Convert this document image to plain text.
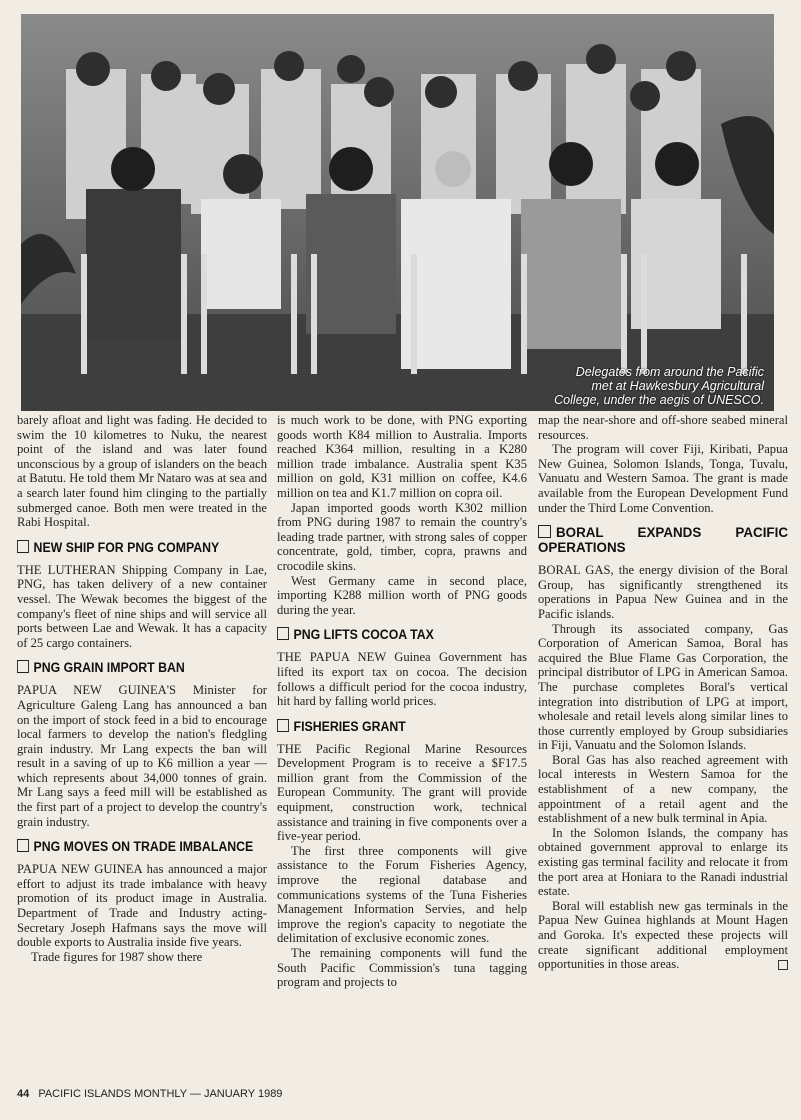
Delegates from around the Pacific
met at Hawkesbury Agricultural
College, under the aegis of UNESCO.

barely afloat and light was fading. He decided to swim the 10 kilometres to Nuku, the nearest point of the island and was later found unconscious by a group of islanders on the beach at Batutu. He told them Mr Nataro was at sea and a search later found him clinging to the partially submerged canoe. Both men were treated in the Rabi Hospital.

NEW SHIP FOR PNG COMPANY

THE LUTHERAN Shipping Company in Lae, PNG, has taken delivery of a new container vessel. The Wewak becomes the biggest of the company's fleet of nine ships and will service all ports between Lae and Wewak. It has a capacity of 25 cargo containers.

PNG GRAIN IMPORT BAN

PAPUA NEW GUINEA'S Minister for Agriculture Galeng Lang has announced a ban on the import of stock feed in a bid to encourage local farmers to develop the nation's fledgling grain industry. Mr Lang expects the ban will result in a saving of up to K6 million a year — which represents about 34,000 tonnes of grain. Mr Lang says a feed mill will be established as the first part of a project to develop the country's grain industry.

PNG MOVES ON TRADE IMBALANCE

PAPUA NEW GUINEA has announced a major effort to adjust its trade imbalance with heavy promotion of its product image in Australia. Department of Trade and Industry acting-Secretary Joseph Hafmans says the move will double exports to Australia inside five years.

Trade figures for 1987 show there

is much work to be done, with PNG exporting goods worth K84 million to Australia. Imports reached K364 million, resulting in a K280 million trade imbalance. Australia spent K35 million on gold, K31 million on coffee, K4.6 million on tea and K1.7 million on copra oil.

Japan imported goods worth K302 million from PNG during 1987 to remain the country's leading trade partner, with strong sales of copper concentrate, gold, timber, copra, prawns and crocodile skins.

West Germany came in second place, importing K288 million worth of PNG goods during the year.

PNG LIFTS COCOA TAX

THE PAPUA NEW Guinea Government has lifted its export tax on cocoa. The decision follows a difficult period for the cocoa industry, hit hard by falling world prices.

FISHERIES GRANT

THE Pacific Regional Marine Resources Development Program is to receive a $F17.5 million grant from the Commission of the European Community. The grant will provide equipment, construction work, technical assistance and training in five components over a five-year period.

The first three components will give assistance to the Forum Fisheries Agency, improve the regional database and communications systems of the Tuna Fisheries Management Information Servies, and help improve the region's capacity to negotiate the delimitation of exclusive economic zones.

The remaining components will fund the South Pacific Commission's tuna tagging program and projects to

map the near-shore and off-shore seabed mineral resources.

The program will cover Fiji, Kiribati, Papua New Guinea, Solomon Islands, Tonga, Tuvalu, Vanuatu and Western Samoa. The grant is made available from the European Development Fund under the Third Lome Convention.

BORAL EXPANDS PACIFIC OPERATIONS

BORAL GAS, the energy division of the Boral Group, has significantly strengthened its operations in Papua New Guinea and in the Pacific islands.

Through its associated company, Gas Corporation of American Samoa, Boral has acquired the Blue Flame Gas Corporation, the principal distributor of LPG in American Samoa. The purchase completes Boral's vertical integration into distribution of LPG at import, wholesale and retail levels along similar lines to those currently employed by Group subsidiaries in Fiji, Vanuatu and the Solomon Islands.

Boral Gas has also reached agreement with local interests in Western Samoa for the establishment of a new company, the appointment of a retail agent and the establishment of a new bulk terminal in Apia.

In the Solomon Islands, the company has obtained government approval to enlarge its existing gas terminal facility and relocate it from the port area at Honiara to the Ranadi industrial estate.

Boral will establish new gas terminals in the Papua New Guinea highlands at Mount Hagen and Goroka. It's expected these projects will create significant additional employment opportunities in those areas.

44 PACIFIC ISLANDS MONTHLY — JANUARY 1989
